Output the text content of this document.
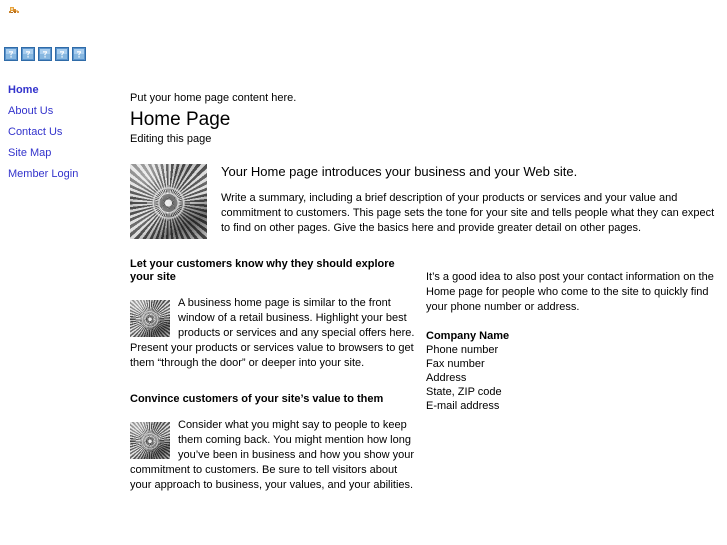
Home
About Us
Contact Us
Site Map
Member Login

Put your home page content here.

Home Page

Editing this page

Your Home page introduces your business and your Web site.

Write a summary, including a brief description of your products or services and your value and commitment to customers. This page sets the tone for your site and tells people what they can expect to find on other pages. Give the basics here and provide greater detail on other pages.

Let your customers know why they should explore your site

A business home page is similar to the front window of a retail business. Highlight your best products or services and any special offers here. Present your products or services value to browsers to get them “through the door” or deeper into your site.

Convince customers of your site’s value to them

Consider what you might say to people to keep them coming back. You might mention how long you’ve been in business and how you show your commitment to customers. Be sure to tell visitors about your approach to business, your values, and your abilities.

It’s a good idea to also post your contact information on the Home page for people who come to the site to quickly find your phone number or address.

Company Name

Phone number

Fax number

Address

State, ZIP code

E-mail address
